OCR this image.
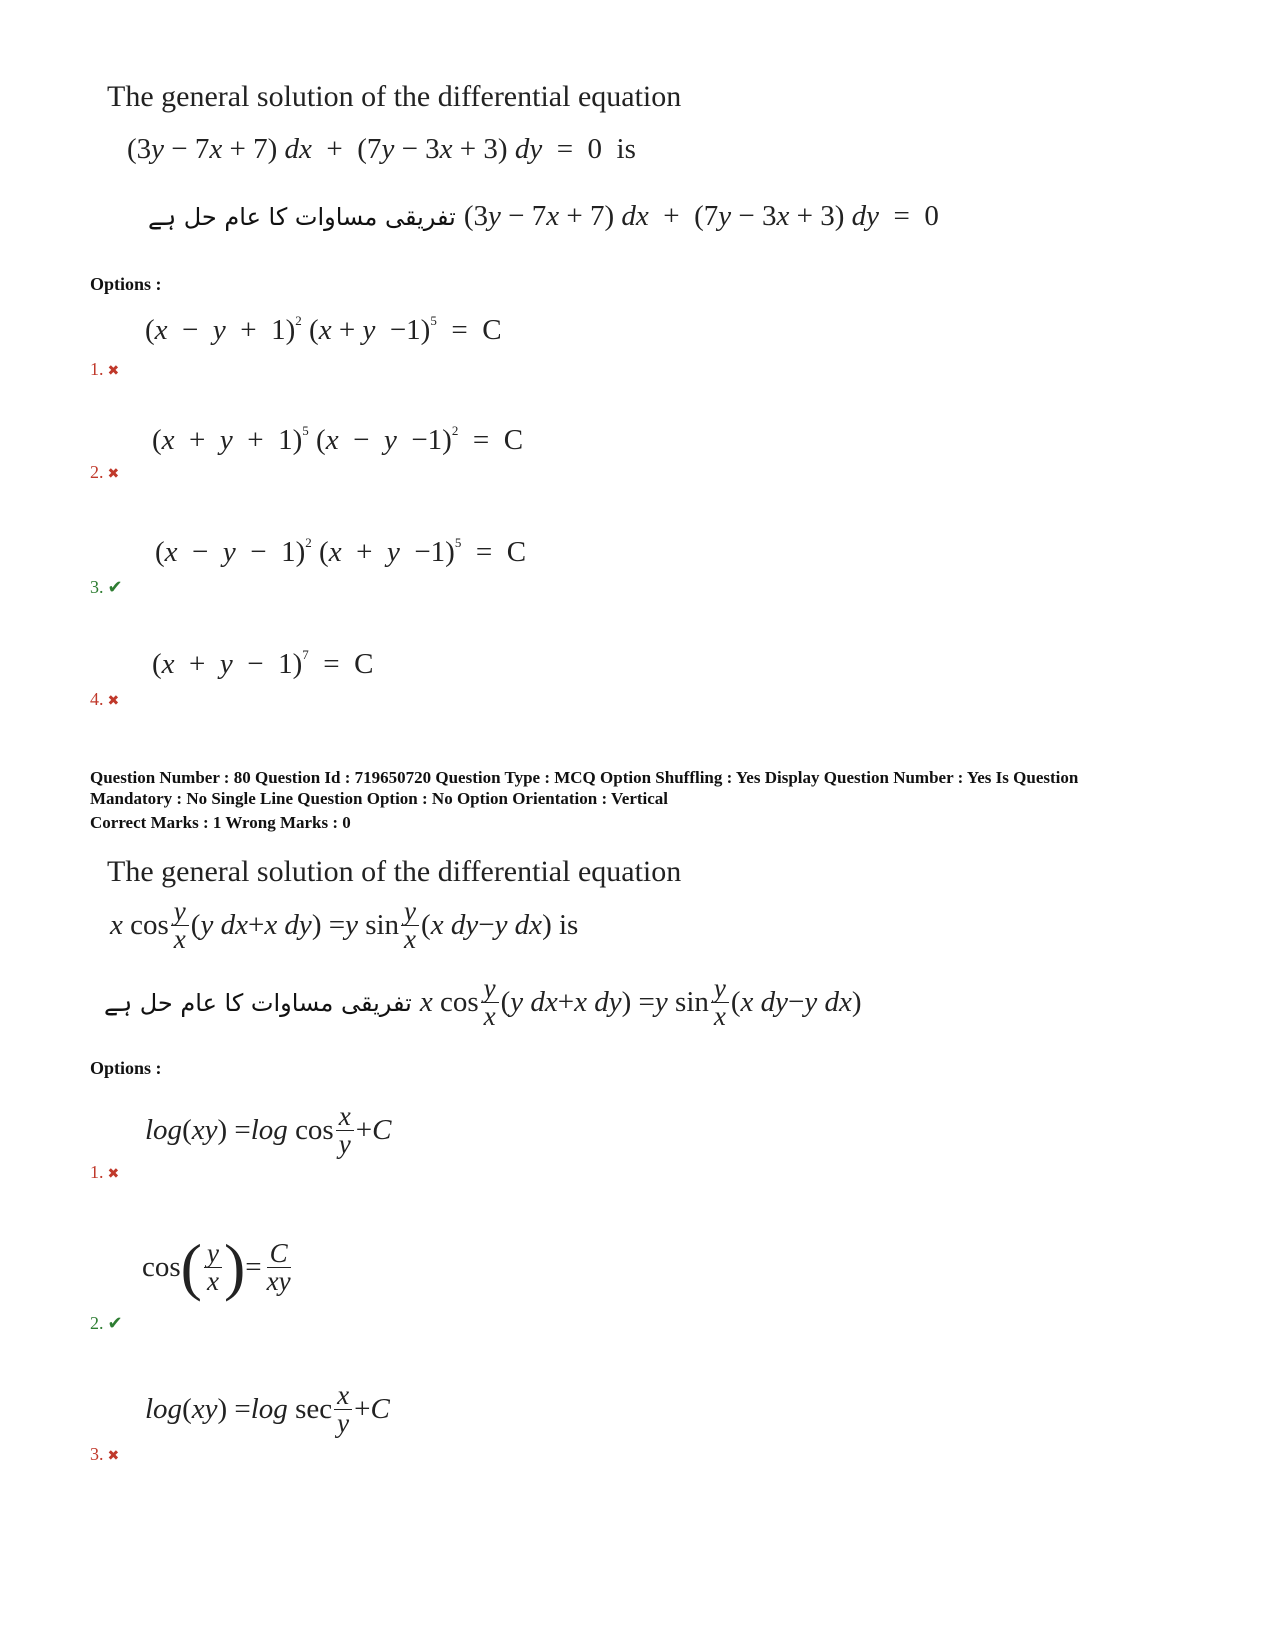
The general solution of the differential equation
(3y − 7x + 7) dx  +  (7y − 3x + 3) dy  =  0  is
تفریقی مساوات کا عام حل ہے (3y − 7x + 7) dx  +  (7y − 3x + 3) dy  =  0
Options :
$(x - y + 1)^2$ $(x + y -1)^5 = C$
1. ✖
$(x + y + 1)^5$ $(x - y -1)^2 = C$
2. ✖
$(x - y - 1)^2$ $(x + y -1)^5 = C$
3. ✔
$(x + y - 1)^7 = C$
4. ✖
Question Number : 80 Question Id : 719650720 Question Type : MCQ Option Shuffling : Yes Display Question Number : Yes Is Question Mandatory : No Single Line Question Option : No Option Orientation : Vertical
Correct Marks : 1 Wrong Marks : 0
The general solution of the differential equation
x $\cos \frac{y}{x}$ ( y dx + x dy ) = y $\sin \frac{y}{x}$ ( x dy − y dx ) is
تفریقی مساوات کا عام حل ہے x $\cos \frac{y}{x}$ ( y dx + x dy ) = y $\sin \frac{y}{x}$ ( x dy − y dx )
Options :
log ( xy ) = $\log \cos \frac{x}{y} + C$
1. ✖
cos ( $\frac{y}{x}$ ) = $\frac{C}{xy}$
2. ✔
log ( xy ) = $\log \sec \frac{x}{y} + C$
3. ✖
